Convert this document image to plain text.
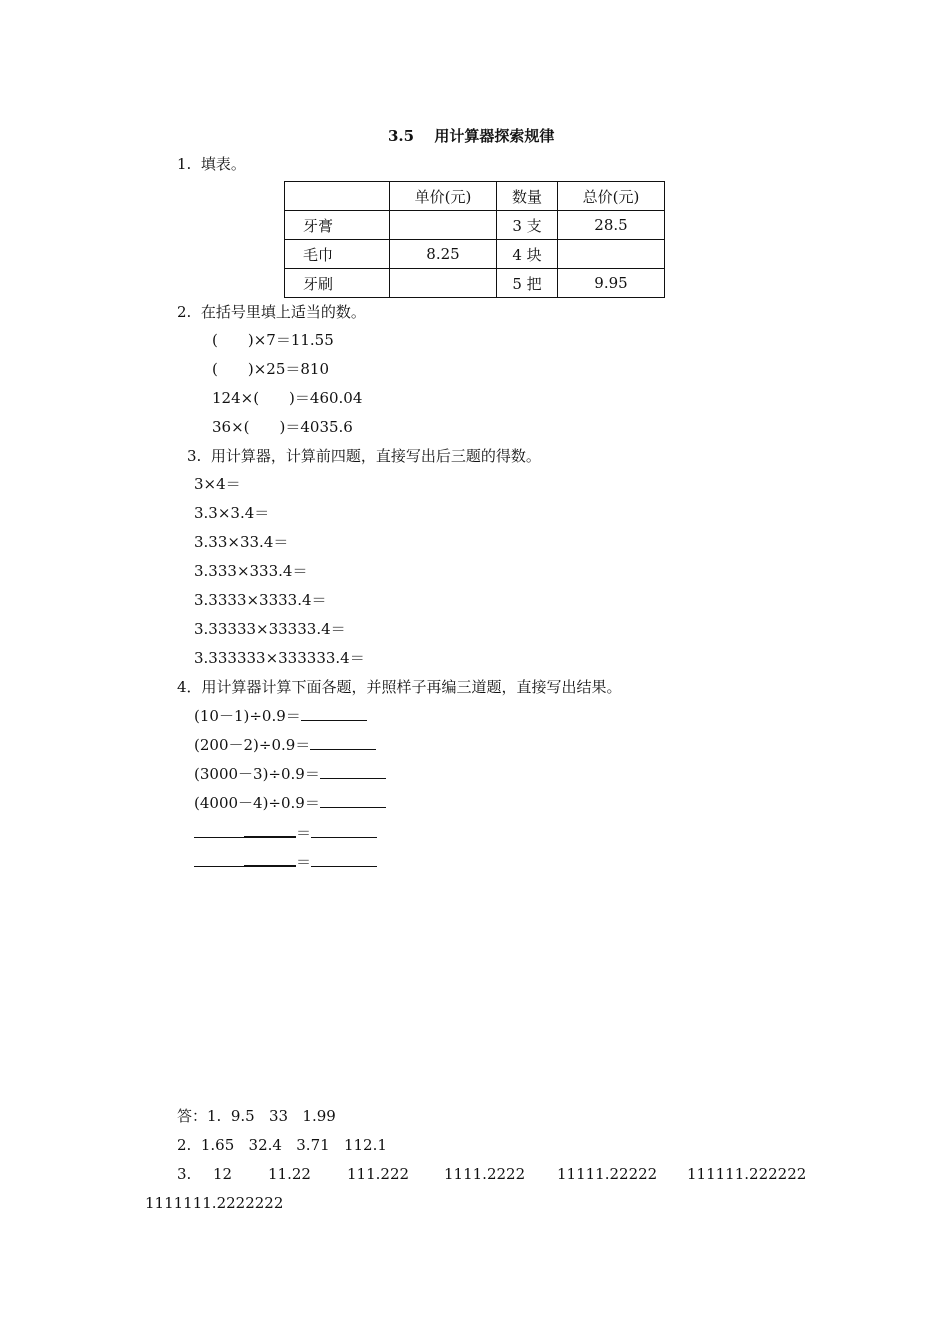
3.5　 用计算器探索规律
1.  填表。
	单价(元)	数量	总价(元)
牙膏		3 支	28.5
毛巾	8.25	4 块	
牙刷		5 把	9.95
2.  在括号里填上适当的数。
(　　)×7＝11.55
(　　)×25＝810
124×(　　)＝460.04
36×(　　)＝4035.6
3.  用计算器，计算前四题，直接写出后三题的得数。
3×4＝
3.3×3.4＝
3.33×33.4＝
3.333×333.4＝
3.3333×3333.4＝
3.33333×33333.4＝
3.333333×333333.4＝
4．用计算器计算下面各题，并照样子再编三道题，直接写出结果。
(10－1)÷0.9＝
(200－2)÷0.9＝
(3000－3)÷0.9＝
(4000－4)÷0.9＝
＝
＝
答：1.  9.5   33   1.99
2.  1.65   32.4   3.71   112.1
3. 12 11.22 111.222 1111.2222 11111.22222 111111.222222
1111111.2222222
